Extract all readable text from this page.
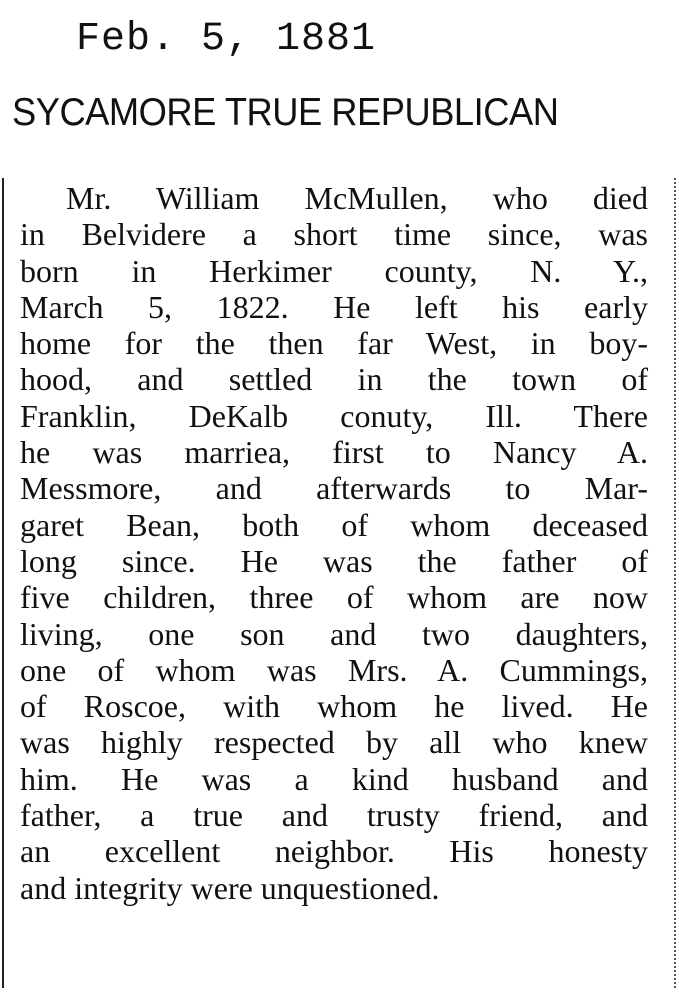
Feb. 5, 1881
SYCAMORE TRUE REPUBLICAN
Mr. William McMullen, who died
in Belvidere a short time since, was
born in Herkimer county, N. Y.,
March 5, 1822. He left his early
home for the then far West, in boy-
hood, and settled in the town of
Franklin, DeKalb conuty, Ill. There
he was marriea, first to Nancy A.
Messmore, and afterwards to Mar-
garet Bean, both of whom deceased
long since. He was the father of
five children, three of whom are now
living, one son and two daughters,
one of whom was Mrs. A. Cummings,
of Roscoe, with whom he lived. He
was highly respected by all who knew
him. He was a kind husband and
father, a true and trusty friend, and
an excellent neighbor. His honesty
and integrity were unquestioned.
